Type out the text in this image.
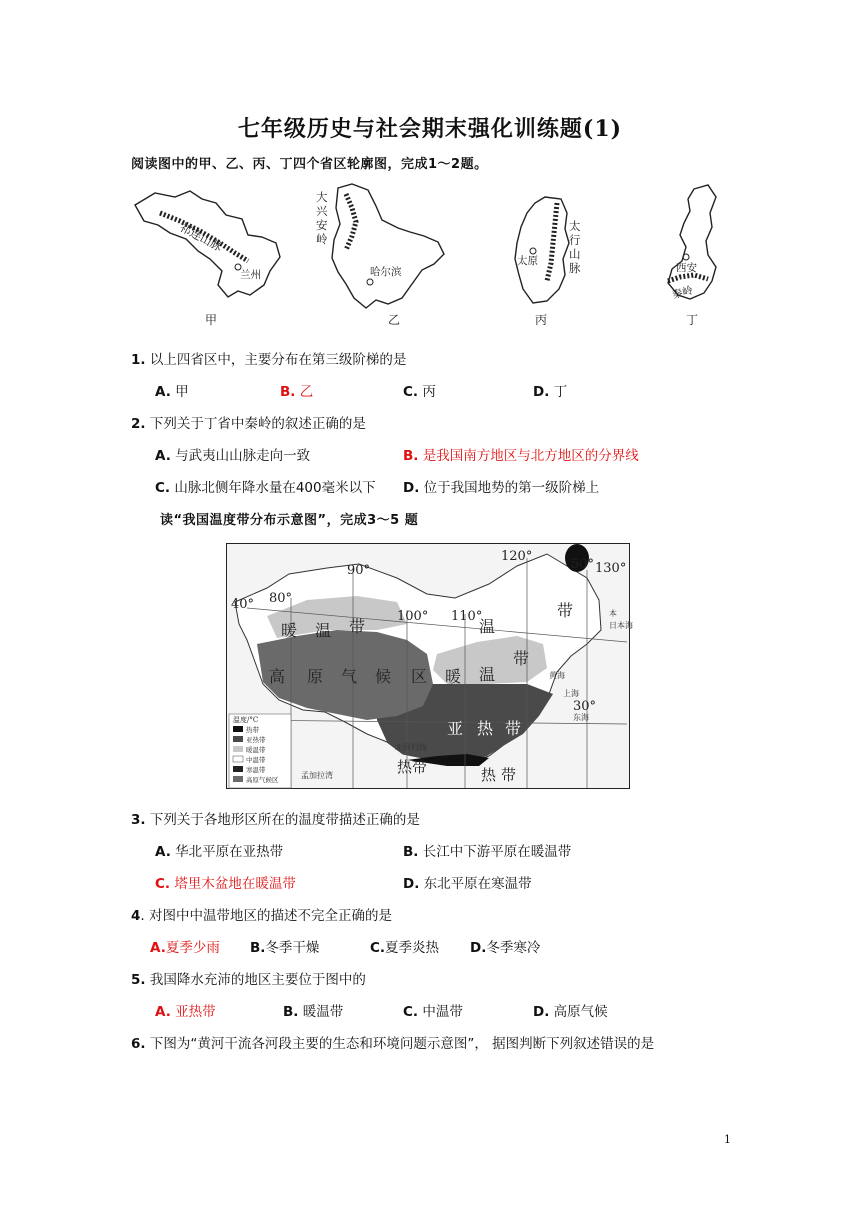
七年级历史与社会期末强化训练题(1)
阅读图中的甲、乙、丙、丁四个省区轮廓图，完成1～2题。
祁连山脉
兰州
甲
大兴安岭
哈尔滨
乙
太行山脉
太原
丙
西安
秦岭
丁
1. 以上四省区中，主要分布在第三级阶梯的是
A. 甲	B. 乙	C. 丙	D. 丁
2. 下列关于丁省中秦岭的叙述正确的是
A. 与武夷山山脉走向一致	B. 是我国南方地区与北方地区的分界线
C. 山脉北侧年降水量在400毫米以下 D. 位于我国地势的第一级阶梯上
读“我国温度带分布示意图”，完成3～5 题
120°
50° 130°
90°
80°
40°
100° 110°
30°
暖 温 带	温
带
高 原 气 候 区 暖 温
带
亚 热 带
热带	热 带
黄海
东海
日本海
本
北回归线
孟加拉湾
上海
温度/°C
热带
亚热带
暖温带
中温带
寒温带
高原气候区
3. 下列关于各地形区所在的温度带描述正确的是
A. 华北平原在亚热带	B. 长江中下游平原在暖温带
C. 塔里木盆地在暖温带	D. 东北平原在寒温带
4. 对图中中温带地区的描述不完全正确的是
A.夏季少雨 B.冬季干燥	C.夏季炎热 D.冬季寒冷
5. 我国降水充沛的地区主要位于图中的
A. 亚热带	B. 暖温带	C. 中温带	D. 高原气候
6. 下图为“黄河干流各河段主要的生态和环境问题示意图”， 据图判断下列叙述错误的是
1
